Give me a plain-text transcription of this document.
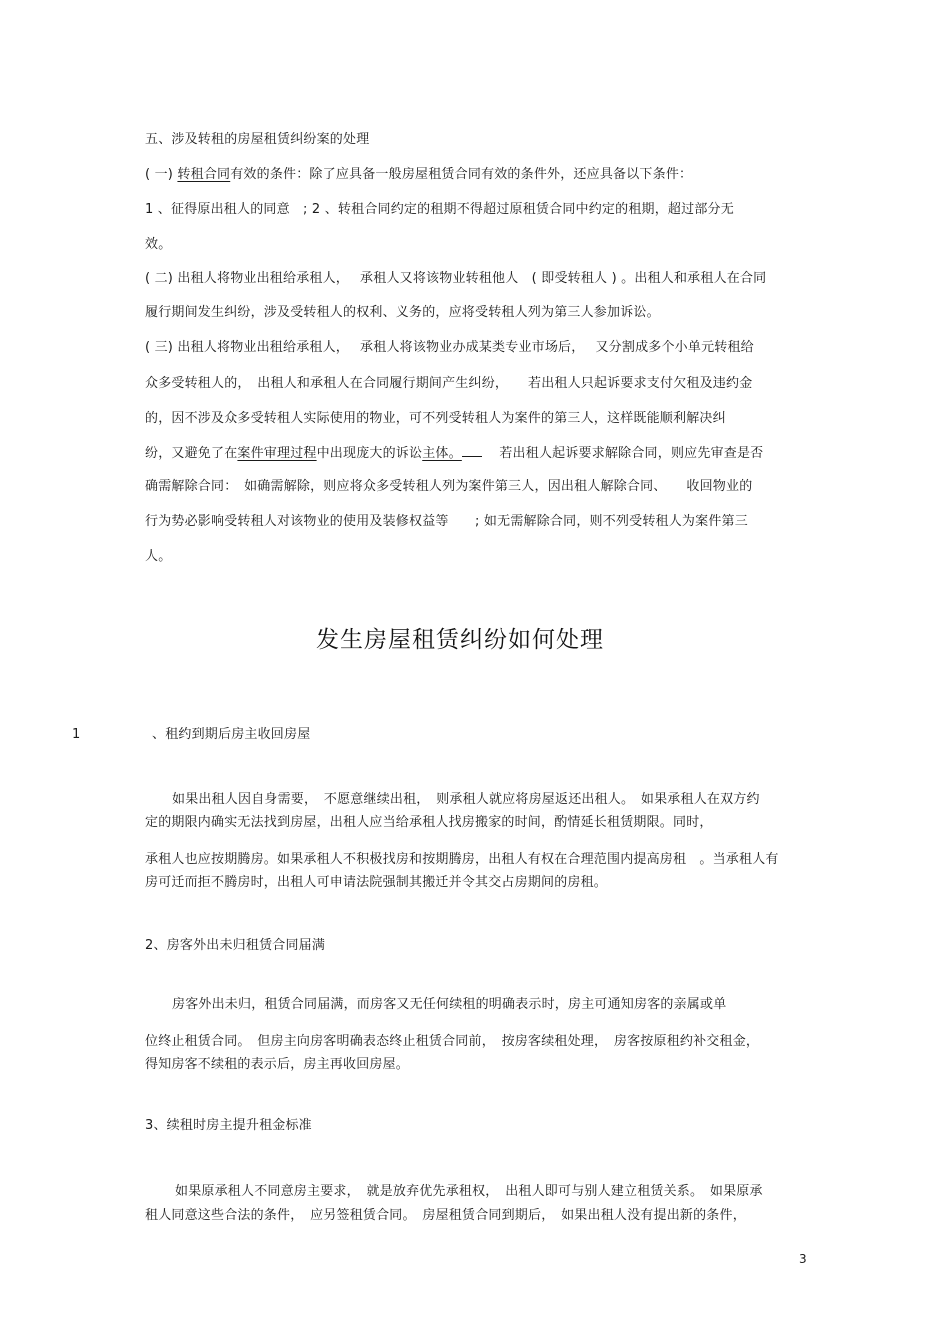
五、涉及转租的房屋租赁纠纷案的处理
( 一) 转租合同有效的条件：除了应具备一般房屋租赁合同有效的条件外，还应具备以下条件：
1 、征得原出租人的同意　; 2 、转租合同约定的租期不得超过原租赁合同中约定的租期，超过部分无
效。
( 二) 出租人将物业出租给承租人，　 承租人又将该物业转租他人　( 即受转租人 ) 。出租人和承租人在合同
履行期间发生纠纷，涉及受转租人的权利、义务的，应将受转租人列为第三人参加诉讼。
( 三) 出租人将物业出租给承租人，　 承租人将该物业办成某类专业市场后，　 又分割成多个小单元转租给
众多受转租人的，　出租人和承租人在合同履行期间产生纠纷，　　若出租人只起诉要求支付欠租及违约金
的，因不涉及众多受转租人实际使用的物业，可不列受转租人为案件的第三人，这样既能顺利解决纠
纷，又避免了在案件审理过程中出现庞大的诉讼主体。　 若出租人起诉要求解除合同，则应先审查是否
确需解除合同：　如确需解除，则应将众多受转租人列为案件第三人，因出租人解除合同、　　收回物业的
行为势必影响受转租人对该物业的使用及装修权益等　　; 如无需解除合同，则不列受转租人为案件第三
人。
发生房屋租赁纠纷如何处理
1	、租约到期后房主收回房屋
如果出租人因自身需要，　不愿意继续出租，　则承租人就应将房屋返还出租人。　如果承租人在双方约
定的期限内确实无法找到房屋，出租人应当给承租人找房搬家的时间，酌情延长租赁期限。同时，
承租人也应按期腾房。如果承租人不积极找房和按期腾房，出租人有权在合理范围内提高房租　。当承租人有
房可迁而拒不腾房时，出租人可申请法院强制其搬迁并令其交占房期间的房租。
2、房客外出未归租赁合同届满
房客外出未归，租赁合同届满，而房客又无任何续租的明确表示时，房主可通知房客的亲属或单
位终止租赁合同。　但房主向房客明确表态终止租赁合同前，　按房客续租处理，　房客按原租约补交租金，
得知房客不续租的表示后，房主再收回房屋。
3、续租时房主提升租金标准
如果原承租人不同意房主要求，　就是放弃优先承租权，　出租人即可与别人建立租赁关系。　如果原承
租人同意这些合法的条件，　应另签租赁合同。　房屋租赁合同到期后，　如果出租人没有提出新的条件，
3
